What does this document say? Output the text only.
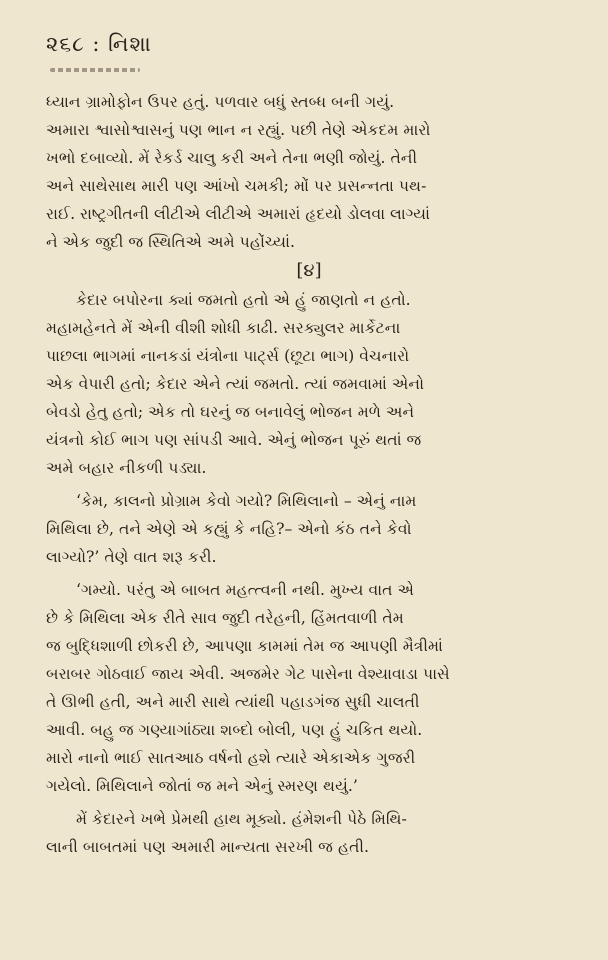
૨૬૮ : નિશા
ધ્યાન ગ્રામોફોન ઉપર હતું. પળવાર બધું સ્તબ્ધ બની ગયું.
અમારા શ્વાસોશ્વાસનું પણ ભાન ન રહ્યું. પછી તેણે એકદમ મારો
ખભો દબાવ્યો. મેં રેકર્ડ ચાલુ કરી અને તેના ભણી જોયું. તેની
અને સાથેસાથ મારી પણ આંખો ચમકી; મોં પર પ્રસન્નતા પથ-
રાઈ. રાષ્ટ્રગીતની લીટીએ લીટીએ અમારાં હૃદયો ડોલવા લાગ્યાં
ને એક જુદી જ સ્થિતિએ અમે પહોંચ્યાં.
[૪]
કેદાર બપોરના ક્યાં જમતો હતો એ હું જાણતો ન હતો.
મહામહેનતે મેં એની વીશી શોધી કાઢી. સરક્યુલર માર્કેટના
પાછલા ભાગમાં નાનકડાં યંત્રોના પાર્ટ્સ (છૂટા ભાગ) વેચનારો
એક વેપારી હતો; કેદાર એને ત્યાં જમતો. ત્યાં જમવામાં એનો
બેવડો હેતુ હતો; એક તો ઘરનું જ બનાવેલું ભોજન મળે અને
યંત્રનો કોઈ ભાગ પણ સાંપડી આવે. એનું ભોજન પૂરું થતાં જ
અમે બહાર નીકળી પડ્યા.
‘કેમ, કાલનો પ્રોગ્રામ કેવો ગયો? મિથિલાનો – એનું નામ
મિથિલા છે, તને એણે એ કહ્યું કે નહિ?– એનો કંઠ તને કેવો
લાગ્યો?’ તેણે વાત શરૂ કરી.
‘ગમ્યો. પરંતુ એ બાબત મહત્ત્વની નથી. મુખ્ય વાત એ
છે કે મિથિલા એક રીતે સાવ જુદી તરેહની, હિંમતવાળી તેમ
જ બુદ્ધિશાળી છોકરી છે, આપણા કામમાં તેમ જ આપણી મૈત્રીમાં
બરાબર ગોઠવાઈ જાય એવી. અજમેર ગેટ પાસેના વેશ્યાવાડા પાસે
તે ઊભી હતી, અને મારી સાથે ત્યાંથી પહાડગંજ સુધી ચાલતી
આવી. બહુ જ ગણ્યાગાંઠ્યા શબ્દો બોલી, પણ હું ચકિત થયો.
મારો નાનો ભાઈ સાતઆઠ વર્ષનો હશે ત્યારે એકાએક ગુજરી
ગયેલો. મિથિલાને જોતાં જ મને એનું સ્મરણ થયું.’
મેં કેદારને ખભે પ્રેમથી હાથ મૂક્યો. હંમેશની પેઠે મિથિ-
લાની બાબતમાં પણ અમારી માન્યતા સરખી જ હતી.
